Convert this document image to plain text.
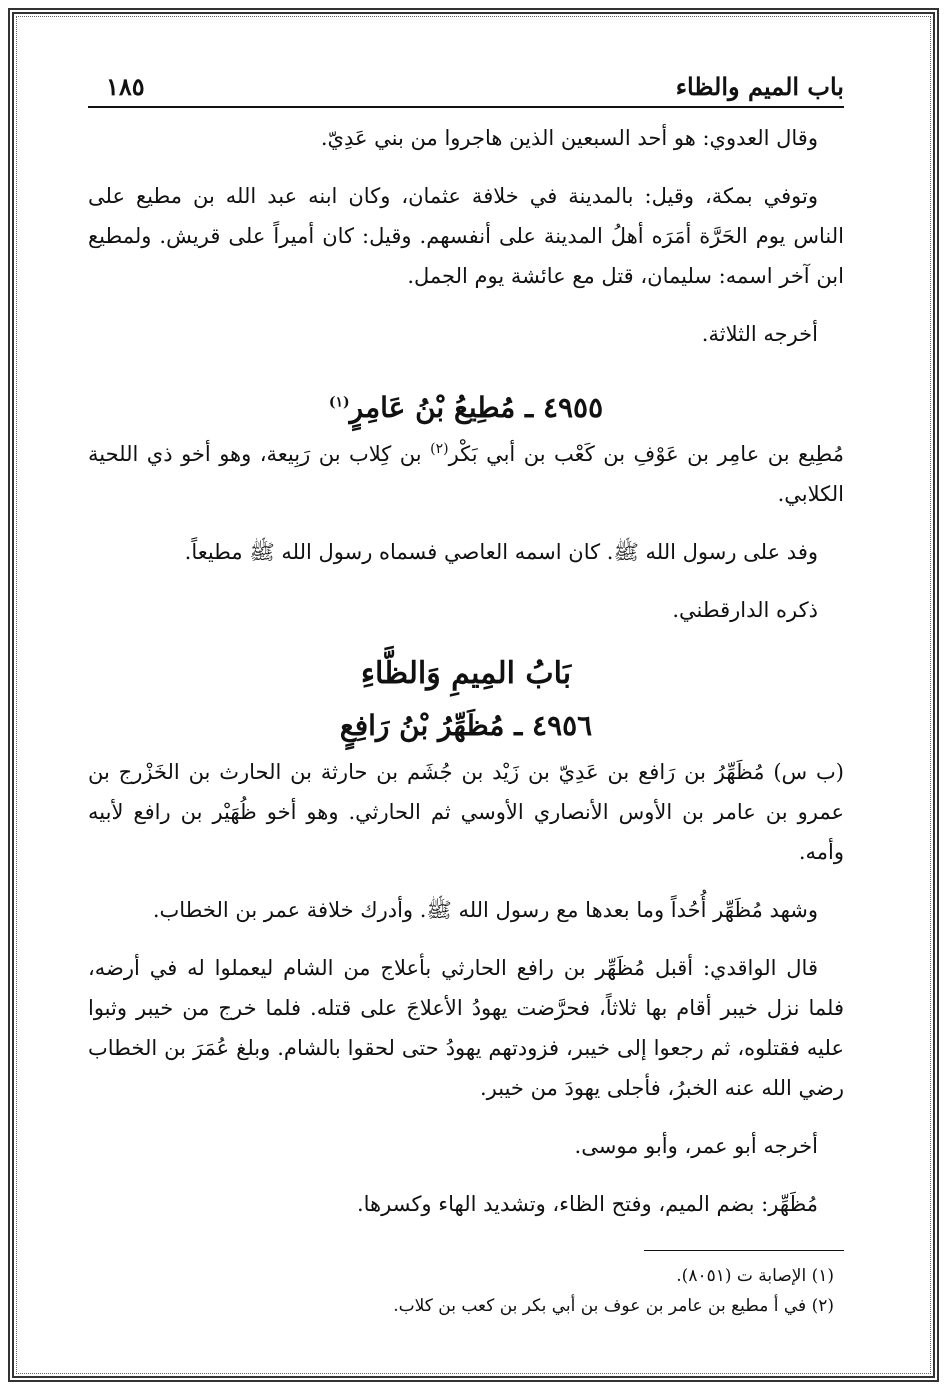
باب الميم والظاء
١٨٥

وقال العدوي: هو أحد السبعين الذين هاجروا من بني عَدِيّ.

وتوفي بمكة، وقيل: بالمدينة في خلافة عثمان، وكان ابنه عبد الله بن مطيع على الناس يوم الحَرَّة أمَرَه أهلُ المدينة على أنفسهم. وقيل: كان أميراً على قريش. ولمطيع ابن آخر اسمه: سليمان، قتل مع عائشة يوم الجمل.

أخرجه الثلاثة.

٤٩٥٥ ـ مُطِيعُ بْنُ عَامِرٍ$^{(١)}$

مُطِيع بن عامِر بن عَوْفِ بن كَعْب بن أبي بَكْر$^{(٢)}$ بن كِلاب بن رَبِيعة، وهو أخو ذي اللحية الكلابي.

وفد على رسول الله ﷺ. كان اسمه العاصي فسماه رسول الله ﷺ مطيعاً.

ذكره الدارقطني.

بَابُ المِيمِ وَالظَّاءِ
٤٩٥٦ ـ مُظَهِّرُ بْنُ رَافِعٍ

(ب س) مُظَهِّرُ بن رَافع بن عَدِيّ بن زَيْد بن جُشَم بن حارثة بن الحارث بن الخَزْرج بن عمرو بن عامر بن الأوس الأنصاري الأوسي ثم الحارثي. وهو أخو ظُهَيْر بن رافع لأبيه وأمه.

وشهد مُظَهِّر أُحُداً وما بعدها مع رسول الله ﷺ. وأدرك خلافة عمر بن الخطاب.

قال الواقدي: أقبل مُظَهِّر بن رافع الحارثي بأعلاج من الشام ليعملوا له في أرضه، فلما نزل خيبر أقام بها ثلاثاً، فحرَّضت يهودُ الأعلاجَ على قتله. فلما خرج من خيبر وثبوا عليه فقتلوه، ثم رجعوا إلى خيبر، فزودتهم يهودُ حتى لحقوا بالشام. وبلغ عُمَرَ بن الخطاب رضي الله عنه الخبرُ، فأجلى يهودَ من خيبر.

أخرجه أبو عمر، وأبو موسى.

مُظَهِّر: بضم الميم، وفتح الظاء، وتشديد الهاء وكسرها.

(١) الإصابة ت (٨٠٥١).

(٢) في أ مطيع بن عامر بن عوف بن أبي بكر بن كعب بن كلاب.
